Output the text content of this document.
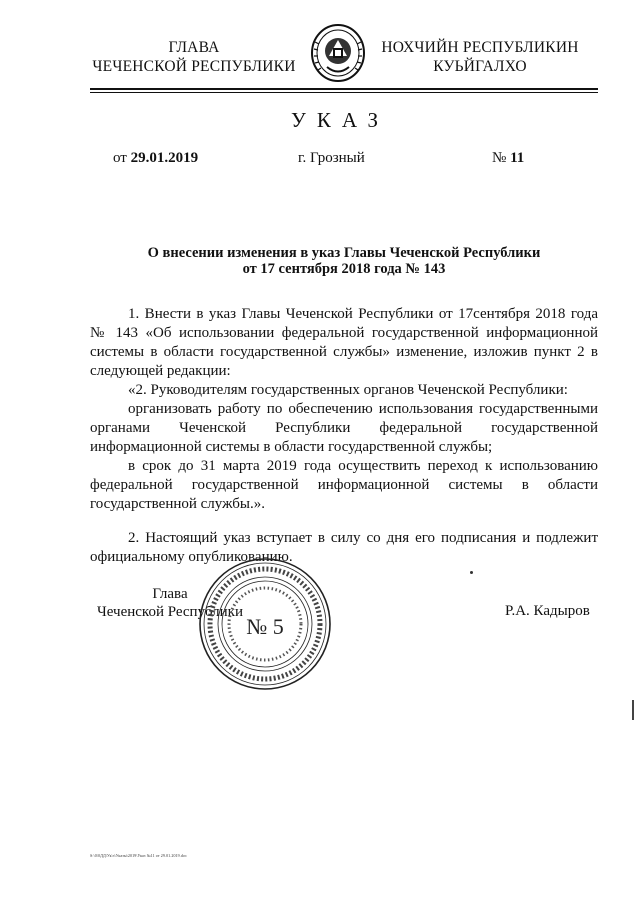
ГЛАВА
ЧЕЧЕНСКОЙ РЕСПУБЛИКИ
НОХЧИЙН РЕСПУБЛИКИН
КУЬЙГАЛХО
УКАЗ
от 29.01.2019	г. Грозный	№ 11
О внесении изменения в указ Главы Чеченской Республики
от 17 сентября 2018 года № 143

1. Внести в указ Главы Чеченской Республики от 17сентября 2018 года № 143 «Об использовании федеральной государственной информационной системы в области государственной службы» изменение, изложив пункт 2 в следующей редакции:

«2. Руководителям государственных органов Чеченской Республики:

организовать работу по обеспечению использования государственными органами Чеченской Республики федеральной государственной информационной системы в области государственной службы;

в срок до 31 марта 2019 года осуществить переход к использованию федеральной государственной информационной системы в области государственной службы.».

2. Настоящий указ вступает в силу со дня его подписания и подлежит официальному опубликованию.

Глава
Чеченской Республики
№ 5
Р.А. Кадыров
Ѕ:\0\0ДД\Ук\з\Указы\2019\Указ №11 от 29.01.2019.doc
